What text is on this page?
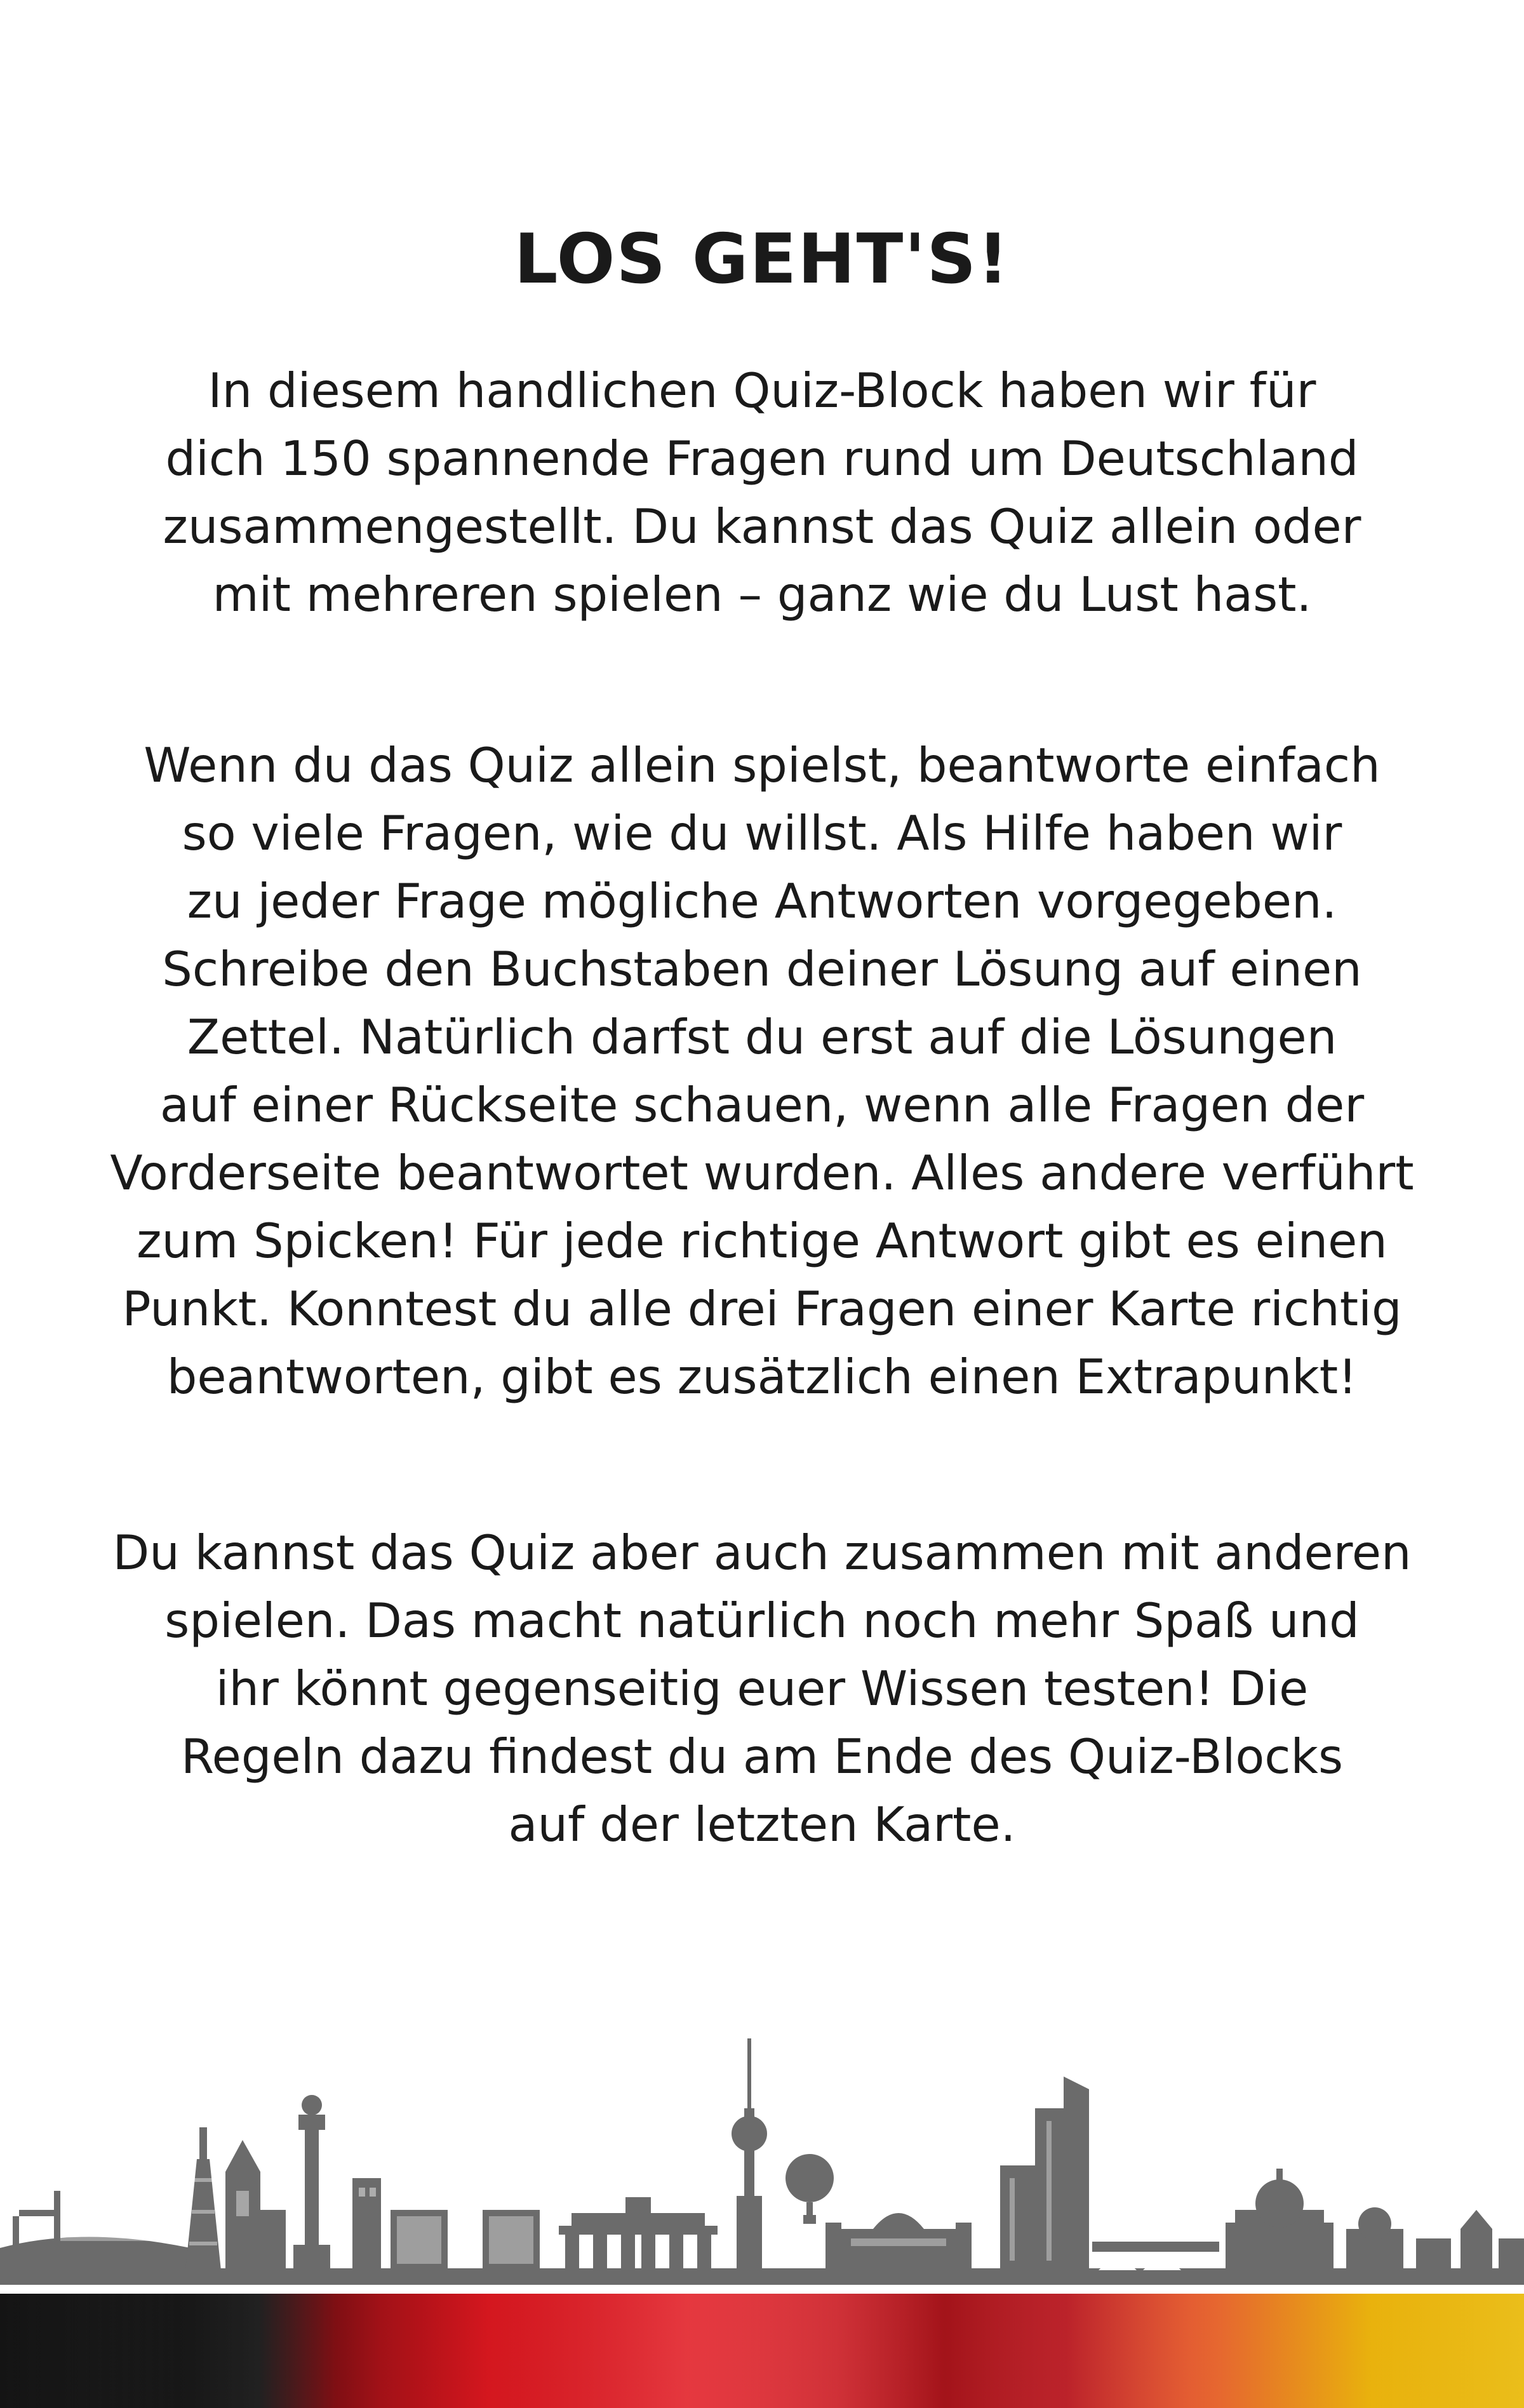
LOS GEHT'S!

In diesem handlichen Quiz-Block haben wir für
dich 150 spannende Fragen rund um Deutschland
zusammengestellt. Du kannst das Quiz allein oder
mit mehreren spielen – ganz wie du Lust hast.

Wenn du das Quiz allein spielst, beantworte einfach
so viele Fragen, wie du willst. Als Hilfe haben wir
zu jeder Frage mögliche Antworten vorgegeben.
Schreibe den Buchstaben deiner Lösung auf einen
Zettel. Natürlich darfst du erst auf die Lösungen
auf einer Rückseite schauen, wenn alle Fragen der
Vorderseite beantwortet wurden. Alles andere verführt
zum Spicken! Für jede richtige Antwort gibt es einen
Punkt. Konntest du alle drei Fragen einer Karte richtig
beantworten, gibt es zusätzlich einen Extrapunkt!

Du kannst das Quiz aber auch zusammen mit anderen
spielen. Das macht natürlich noch mehr Spaß und
ihr könnt gegenseitig euer Wissen testen! Die
Regeln dazu findest du am Ende des Quiz-Blocks
auf der letzten Karte.
